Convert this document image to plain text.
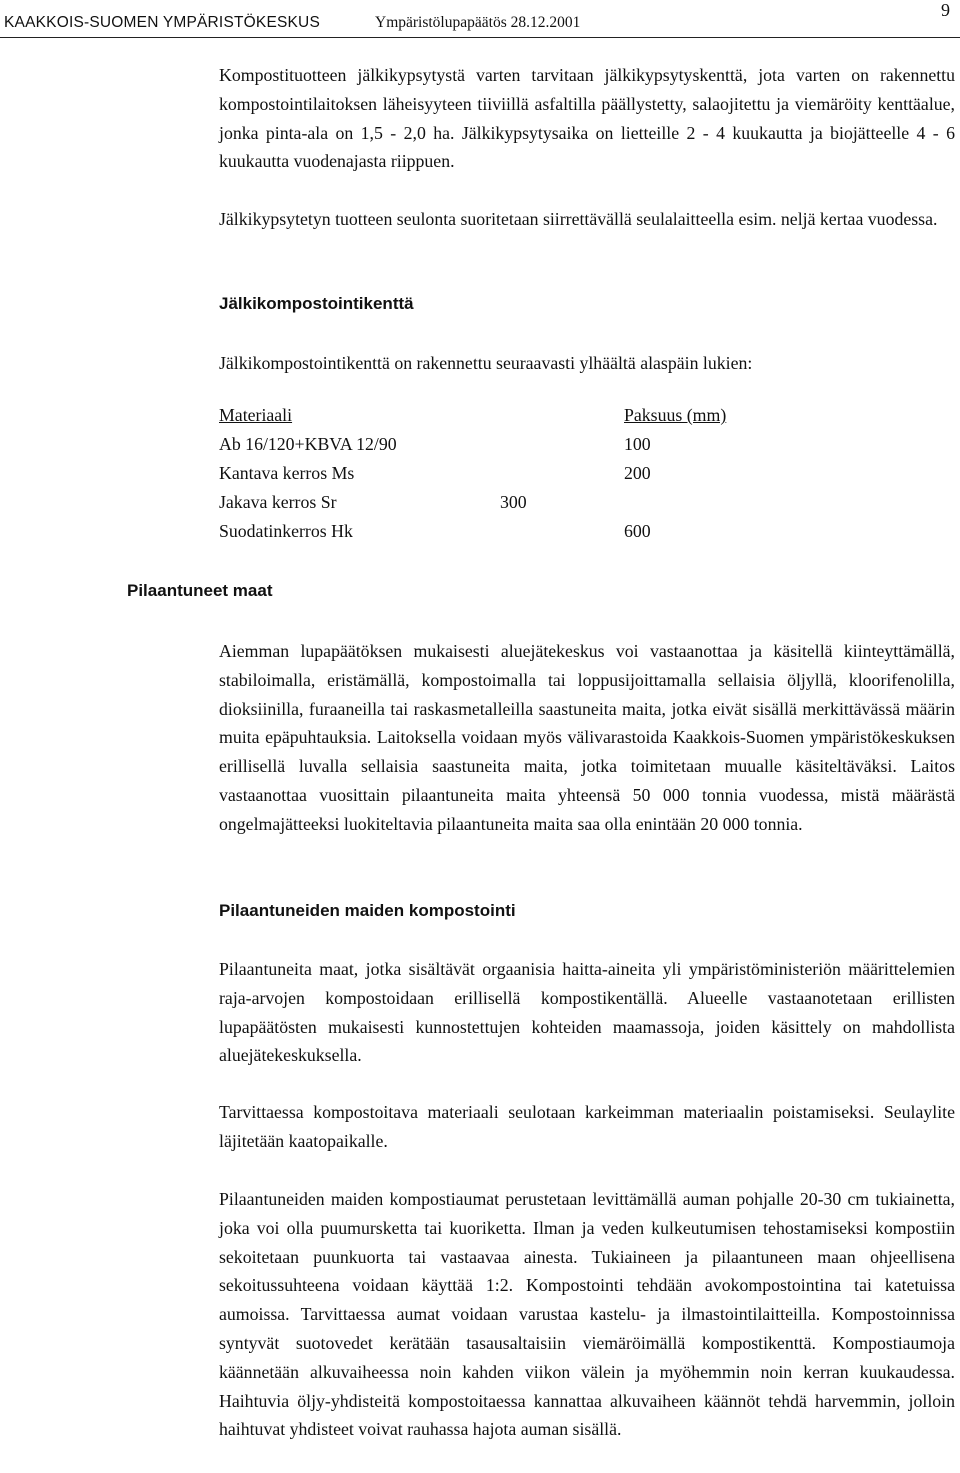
KAAKKOIS-SUOMEN YMPÄRISTÖKESKUS	Ympäristölupapäätös 28.12.2001
9

Kompostituotteen jälkikypsytystä varten tarvitaan jälkikypsytyskenttä, jota varten on rakennettu kompostointilaitoksen läheisyyteen tiiviillä asfaltilla päällystetty, salaojitettu ja viemäröity kenttäalue, jonka pinta-ala on 1,5 - 2,0 ha. Jälkikypsytysaika on lietteille 2 - 4 kuukautta ja biojätteelle 4 - 6 kuukautta vuodenajasta riippuen.

Jälkikypsytetyn tuotteen seulonta suoritetaan siirrettävällä seulalaitteella esim. neljä kertaa vuodessa.

Jälkikompostointikenttä

Jälkikompostointikenttä on rakennettu seuraavasti ylhäältä alaspäin lukien:

Materiaali	Paksuus (mm)
Ab 16/120+KBVA 12/90	100
Kantava kerros Ms	200
Jakava kerros Sr	300
Suodatinkerros Hk	600
Pilaantuneet maat

Aiemman lupapäätöksen mukaisesti aluejätekeskus voi vastaanottaa ja käsitellä kiinteyttämällä, stabiloimalla, eristämällä, kompostoimalla tai loppusijoittamalla sellaisia öljyllä, kloorifenolilla, dioksiinilla, furaaneilla tai raskasmetalleilla saastuneita maita, jotka eivät sisällä merkittävässä määrin muita epäpuhtauksia. Laitoksella voidaan myös välivarastoida Kaakkois-Suomen ympäristökeskuksen erillisellä luvalla sellaisia saastuneita maita, jotka toimitetaan muualle käsiteltäväksi. Laitos vastaanottaa vuosittain pilaantuneita maita yhteensä 50 000 tonnia vuodessa, mistä määrästä ongelmajätteeksi luokiteltavia pilaantuneita maita saa olla enintään 20 000 tonnia.

Pilaantuneiden maiden kompostointi

Pilaantuneita maat, jotka sisältävät orgaanisia haitta-aineita yli ympäristöministeriön määrittelemien raja-arvojen kompostoidaan erillisellä kompostikentällä. Alueelle vastaanotetaan erillisten lupapäätösten mukaisesti kunnostettujen kohteiden maamassoja, joiden käsittely on mahdollista aluejätekeskuksella.

Tarvittaessa kompostoitava materiaali seulotaan karkeimman materiaalin poistamiseksi. Seulaylite läjitetään kaatopaikalle.

Pilaantuneiden maiden kompostiaumat perustetaan levittämällä auman pohjalle 20-30 cm tukiainetta, joka voi olla puumursketta tai kuoriketta. Ilman ja veden kulkeutumisen tehostamiseksi kompostiin sekoitetaan puunkuorta tai vastaavaa ainesta. Tukiaineen ja pilaantuneen maan ohjeellisena sekoitussuhteena voidaan käyttää 1:2. Kompostointi tehdään avokompostointina tai katetuissa aumoissa. Tarvittaessa aumat voidaan varustaa kastelu- ja ilmastointilaitteilla. Kompostoinnissa syntyvät suotovedet kerätään tasausaltaisiin viemäröimällä kompostikenttä. Kompostiaumoja käännetään alkuvaiheessa noin kahden viikon välein ja myöhemmin noin kerran kuukaudessa. Haihtuvia öljy-yhdisteitä kompostoitaessa kannattaa alkuvaiheen käännöt tehdä harvemmin, jolloin haihtuvat yhdisteet voivat rauhassa hajota auman sisällä.
